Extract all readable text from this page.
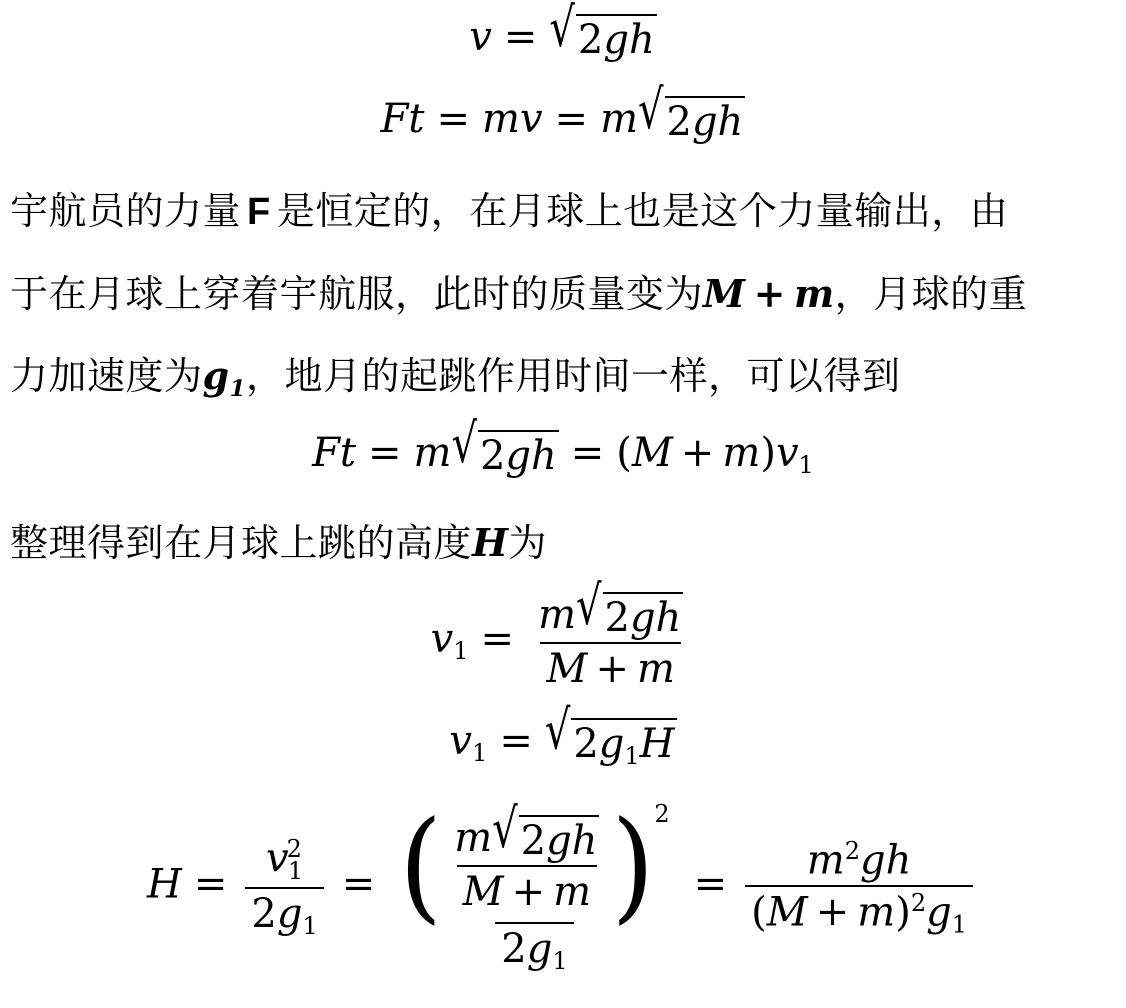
v = √ 2gh
Ft = mv = m √ 2gh
宇航员的力量 F 是恒定的，在月球上也是这个力量输出，由
于在月球上穿着宇航服，此时的质量变为M + m，月球的重
力加速度为$g_1$，地月的起跳作用时间一样，可以得到
Ft = m √ $2gh = (M + m)v_1$
整理得到在月球上跳的高度H为
$v_1 = \frac{m √ 2gh}{M + m}$
$v_1$ = √ $2g_1H$
$H = \frac{v^2_1}{2g_1} = \frac{( \frac{m √ 2gh}{M + m} )^2}{2g_1} = \frac{m^2gh}{(M + m)^2g_1}$
